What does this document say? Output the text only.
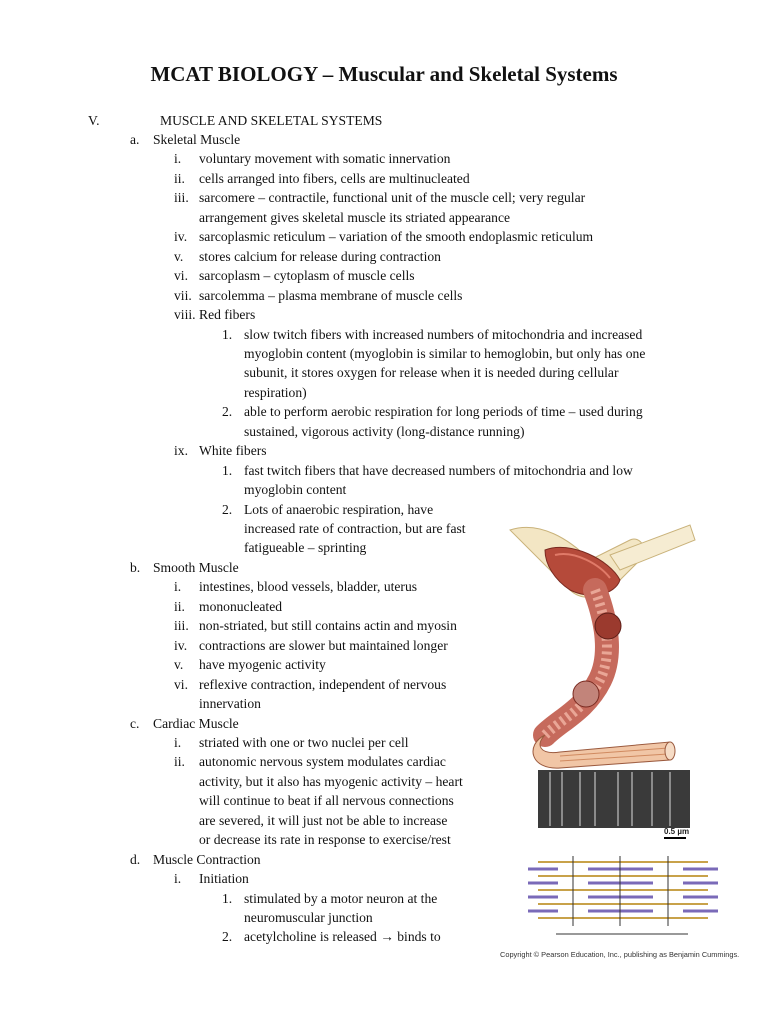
MCAT BIOLOGY – Muscular and Skeletal Systems
V.	MUSCLE AND SKELETAL SYSTEMS
a. Skeletal Muscle
i. voluntary movement with somatic innervation
ii. cells arranged into fibers, cells are multinucleated
iii. sarcomere – contractile, functional unit of the muscle cell; very regular
arrangement gives skeletal muscle its striated appearance
iv. sarcoplasmic reticulum – variation of the smooth endoplasmic reticulum
v. stores calcium for release during contraction
vi. sarcoplasm – cytoplasm of muscle cells
vii. sarcolemma – plasma membrane of muscle cells
viii. Red fibers
1. slow twitch fibers with increased numbers of mitochondria and increased
myoglobin content (myoglobin is similar to hemoglobin, but only has one
subunit, it stores oxygen for release when it is needed during cellular
respiration)
2. able to perform aerobic respiration for long periods of time – used during
sustained, vigorous activity (long-distance running)
ix. White fibers
1. fast twitch fibers that have decreased numbers of mitochondria and low
myoglobin content
2. Lots of anaerobic respiration, have
increased rate of contraction, but are fast
fatigueable – sprinting
b. Smooth Muscle
i. intestines, blood vessels, bladder, uterus
ii. mononucleated
iii. non-striated, but still contains actin and myosin
iv. contractions are slower but maintained longer
v. have myogenic activity
vi. reflexive contraction, independent of nervous
innervation
c. Cardiac Muscle
i. striated with one or two nuclei per cell
ii. autonomic nervous system modulates cardiac
activity, but it also has myogenic activity – heart
will continue to beat if all nervous connections
are severed, it will just not be able to increase
or decrease its rate in response to exercise/rest
d. Muscle Contraction
i. Initiation
1. stimulated by a motor neuron at the
neuromuscular junction
2. acetylcholine is released → binds to
0.5 µm
Copyright © Pearson Education, Inc., publishing as Benjamin Cummings.
